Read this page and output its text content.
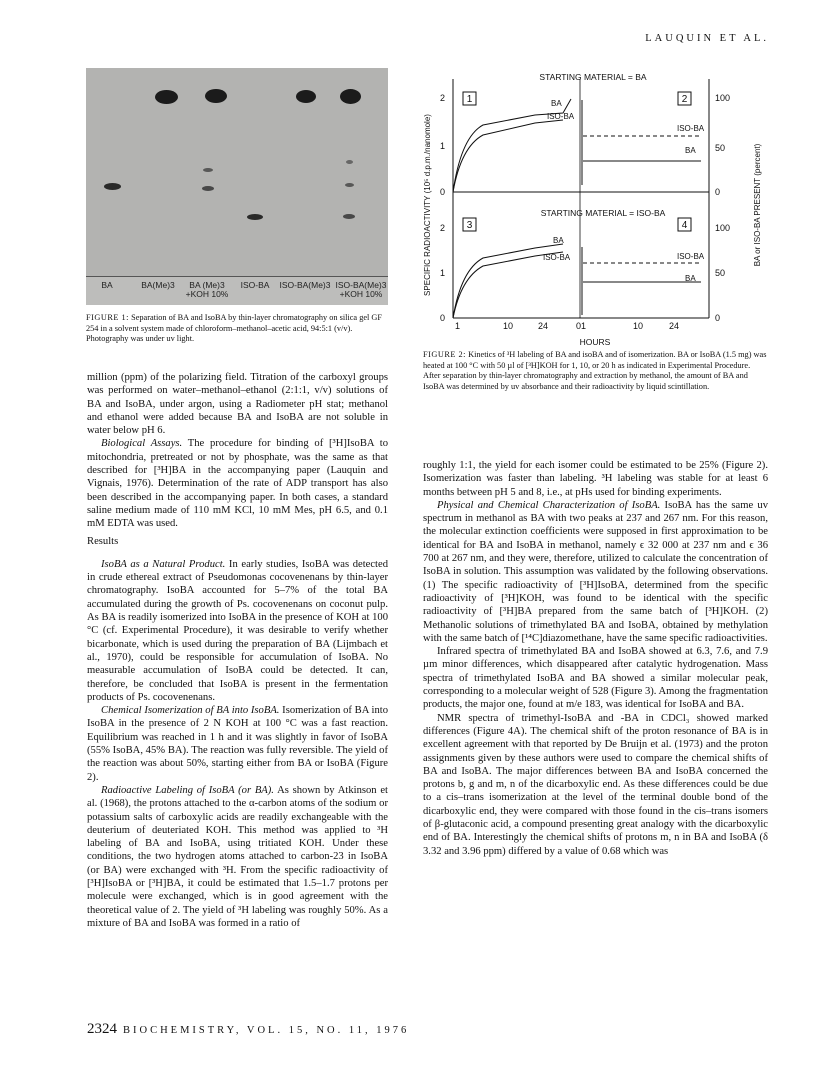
LAUQUIN ET AL.
BA	BA(Me)3	BA (Me)3
+KOH 10%
ISO-BA	ISO-BA(Me)3 ISO-BA(Me)3
+KOH 10%
FIGURE 1: Separation of BA and IsoBA by thin-layer chromatography on silica gel GF 254 in a solvent system made of chloroform–methanol–acetic acid, 94:5:1 (v/v). Photography was under uv light.
STARTING MATERIAL = BA
STARTING MATERIAL = ISO-BA
2
1
0
2
1
0
100
50
0
100
50
0
SPECIFIC RADIOACTIVITY (10⁵ d.p.m./nanomole)	BA or ISO-BA PRESENT (percent)
1	2
3	4
BA
ISO-BA
ISO-BA
BA
BA
ISO-BA	ISO-BA
BA
1	10	24	01	10	24
HOURS
FIGURE 2: Kinetics of ³H labeling of BA and isoBA and of isomerization. BA or IsoBA (1.5 mg) was heated at 100 °C with 50 µl of [³H]KOH for 1, 10, or 20 h as indicated in Experimental Procedure. After separation by thin-layer chromatography and extraction by methanol, the amount of BA and IsoBA was determined by uv absorbance and their radioactivity by liquid scintillation.

million (ppm) of the polarizing field. Titration of the carboxyl groups was performed on water–methanol–ethanol (2:1:1, v/v) solutions of BA and IsoBA, under argon, using a Radiometer pH stat; methanol and ethanol were added because BA and IsoBA are not soluble in water below pH 6.

Biological Assays. The procedure for binding of [³H]IsoBA to mitochondria, pretreated or not by phosphate, was the same as that described for [³H]BA in the accompanying paper (Lauquin and Vignais, 1976). Determination of the rate of ADP transport has also been described in the accompanying paper. In both cases, a standard saline medium made of 110 mM KCl, 10 mM Mes, pH 6.5, and 0.1 mM EDTA was used.

Results

IsoBA as a Natural Product. In early studies, IsoBA was detected in crude ethereal extract of Pseudomonas cocovenenans by thin-layer chromatography. IsoBA accounted for 5–7% of the total BA accumulated during the growth of Ps. cocovenenans on coconut pulp. As BA is readily isomerized into IsoBA in the presence of KOH at 100 °C (cf. Experimental Procedure), it was desirable to verify whether bicarbonate, which is used during the preparation of BA (Lijmbach et al., 1970), could be responsible for accumulation of IsoBA. No measurable accumulation of IsoBA could be detected. It can, therefore, be concluded that IsoBA is present in the fermentation products of Ps. cocovenenans.

Chemical Isomerization of BA into IsoBA. Isomerization of BA into IsoBA in the presence of 2 N KOH at 100 °C was a fast reaction. Equilibrium was reached in 1 h and it was slightly in favor of IsoBA (55% IsoBA, 45% BA). The reaction was fully reversible. The yield of the reaction was about 50%, starting either from BA or IsoBA (Figure 2).

Radioactive Labeling of IsoBA (or BA). As shown by Atkinson et al. (1968), the protons attached to the α-carbon atoms of the sodium or potassium salts of carboxylic acids are readily exchangeable with the deuterium of deuteriated KOH. This method was applied to ³H labeling of BA and IsoBA, using tritiated KOH. Under these conditions, the two hydrogen atoms attached to carbon-23 in IsoBA (or BA) were exchanged with ³H. From the specific radioactivity of [³H]IsoBA or [³H]BA, it could be estimated that 1.5–1.7 protons per molecule were exchanged, which is in good agreement with the theoretical value of 2. The yield of ³H labeling was roughly 50%. As a mixture of BA and IsoBA was formed in a ratio of

roughly 1:1, the yield for each isomer could be estimated to be 25% (Figure 2). Isomerization was faster than labeling. ³H labeling was stable for at least 6 months between pH 5 and 8, i.e., at pHs used for binding experiments.

Physical and Chemical Characterization of IsoBA. IsoBA has the same uv spectrum in methanol as BA with two peaks at 237 and 267 nm. For this reason, the molecular extinction coefficients were supposed in first approximation to be identical for BA and IsoBA in methanol, namely ϵ 32 000 at 237 nm and ϵ 36 700 at 267 nm, and they were, therefore, utilized to calculate the concentration of IsoBA in solution. This assumption was validated by the following observations. (1) The specific radioactivity of [³H]IsoBA, determined from the specific radioactivity of [³H]KOH, was found to be identical with the specific radioactivity of [³H]BA prepared from the same batch of [³H]KOH. (2) Methanolic solutions of trimethylated BA and IsoBA, obtained by methylation with the same batch of [¹⁴C]diazomethane, have the same specific radioactivities.

Infrared spectra of trimethylated BA and IsoBA showed at 6.3, 7.6, and 7.9 µm minor differences, which disappeared after catalytic hydrogenation. Mass spectra of trimethylated IsoBA and BA showed a similar molecular peak, corresponding to a molecular weight of 528 (Figure 3). Among the fragmentation products, the major one, found at m/e 183, was identical for IsoBA and BA.

NMR spectra of trimethyl-IsoBA and -BA in CDCl₃ showed marked differences (Figure 4A). The chemical shift of the proton resonance of BA is in excellent agreement with that reported by De Bruijn et al. (1973) and the proton assignments given by these authors were used to compare the chemical shifts of BA and IsoBA. The major differences between BA and IsoBA concerned the protons b, g and m, n of the dicarboxylic end. As these differences could be due to a cis–trans isomerization at the level of the terminal double bond of the dicarboxylic end, they were compared with those found in the cis–trans isomers of β-glutaconic acid, a compound presenting great analogy with the dicarboxylic end of BA. Interestingly the chemical shifts of protons m, n in BA and IsoBA (δ 3.32 and 3.96 ppm) differed by a value of 0.68 which was

2324 BIOCHEMISTRY, VOL. 15, NO. 11, 1976
